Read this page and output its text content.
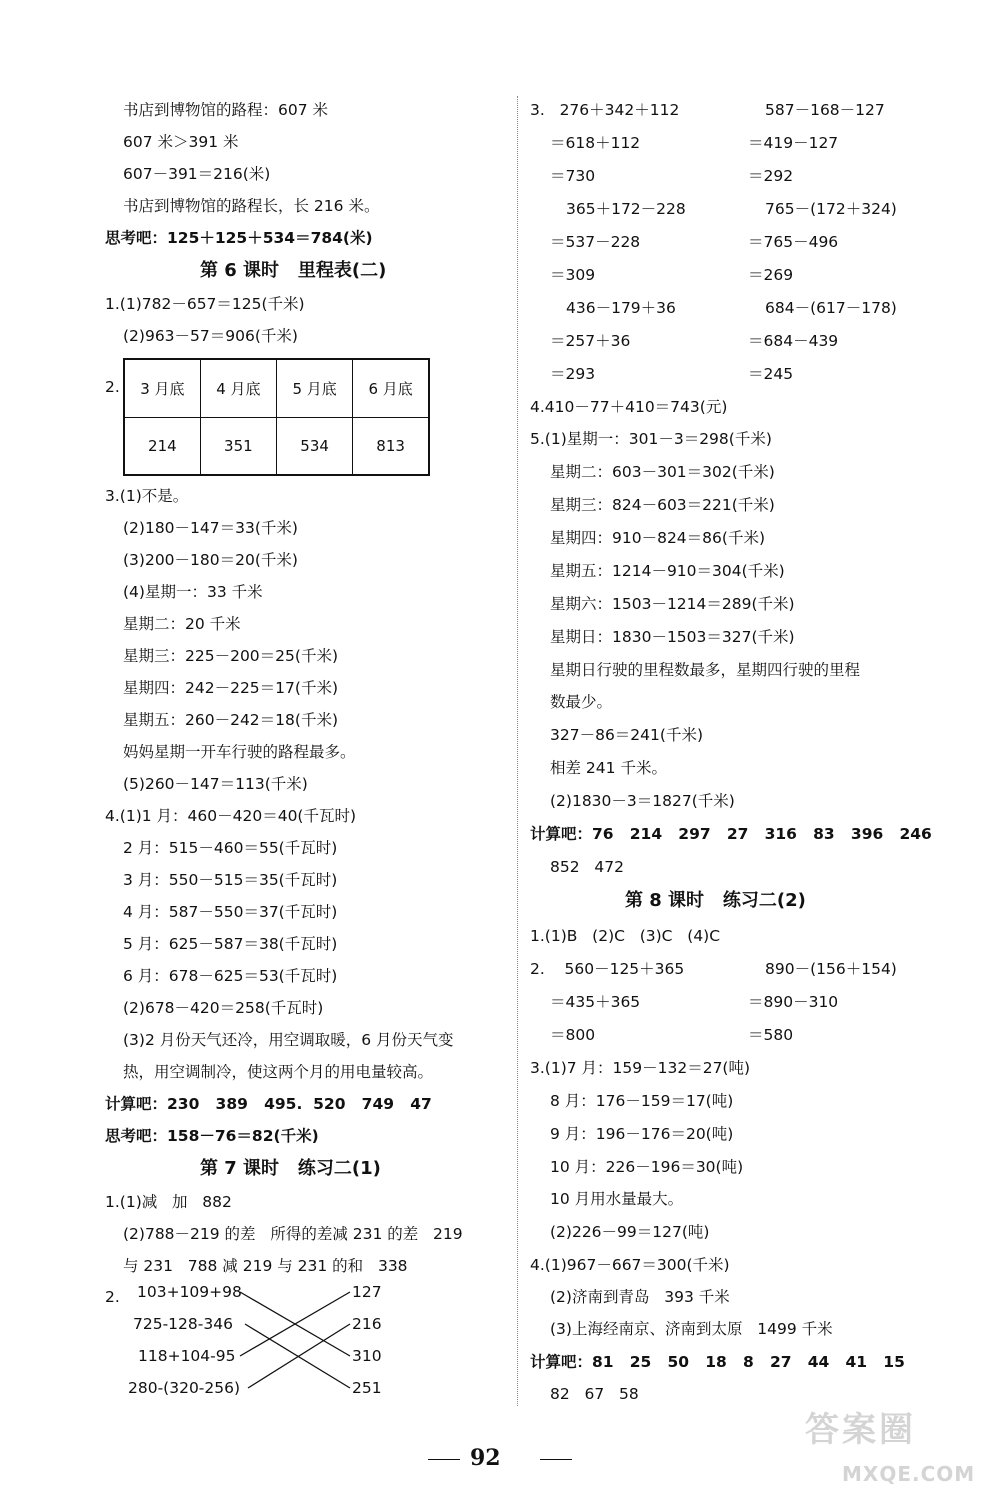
书店到博物馆的路程：607 米
607 米＞391 米
607－391＝216(米)
书店到博物馆的路程长，长 216 米。
思考吧：125＋125＋534＝784(米)
第 6 课时   里程表(二)
1.(1)782－657＝125(千米)
(2)963－57＝906(千米)
2. 3 月底	4 月底	5 月底	6 月底
214	351	534	813
3.(1)不是。
(2)180－147＝33(千米)
(3)200－180＝20(千米)
(4)星期一：33 千米
星期二：20 千米
星期三：225－200＝25(千米)
星期四：242－225＝17(千米)
星期五：260－242＝18(千米)
妈妈星期一开车行驶的路程最多。
(5)260－147＝113(千米)
4.(1)1 月：460－420＝40(千瓦时)
2 月：515－460＝55(千瓦时)
3 月：550－515＝35(千瓦时)
4 月：587－550＝37(千瓦时)
5 月：625－587＝38(千瓦时)
6 月：678－625＝53(千瓦时)
(2)678－420＝258(千瓦时)
(3)2 月份天气还冷，用空调取暖，6 月份天气变
热，用空调制冷，使这两个月的用电量较高。
计算吧：230   389   495.  520   749   47
思考吧：158－76＝82(千米)
第 7 课时   练习二(1)
1.(1)减   加   882
(2)788－219 的差   所得的差减 231 的差   219
与 231   788 减 219 与 231 的和   338
2. 103+109+98
725-128-346
118+104-95
280-(320-256)
127
216
310
251
3.   276＋342＋112	587－168－127
＝618＋112	＝419－127
＝730	＝292
365＋172－228	765－(172＋324)
＝537－228	＝765－496
＝309	＝269
436－179＋36	684－(617－178)
＝257＋36	＝684－439
＝293	＝245
4.410－77＋410＝743(元)
5.(1)星期一：301－3＝298(千米)
星期二：603－301＝302(千米)
星期三：824－603＝221(千米)
星期四：910－824＝86(千米)
星期五：1214－910＝304(千米)
星期六：1503－1214＝289(千米)
星期日：1830－1503＝327(千米)
星期日行驶的里程数最多，星期四行驶的里程
数最少。
327－86＝241(千米)
相差 241 千米。
(2)1830－3＝1827(千米)
计算吧：76   214   297   27   316   83   396   246
852   472
第 8 课时   练习二(2)
1.(1)B   (2)C   (3)C   (4)C
2.    560－125＋365	890－(156＋154)
＝435＋365	＝890－310
＝800	＝580
3.(1)7 月：159－132＝27(吨)
8 月：176－159＝17(吨)
9 月：196－176＝20(吨)
10 月：226－196＝30(吨)
10 月用水量最大。
(2)226－99＝127(吨)
4.(1)967－667＝300(千米)
(2)济南到青岛   393 千米
(3)上海经南京、济南到太原   1499 千米
计算吧：81   25   50   18   8   27   44   41   15
82   67   58
92
答案圈
MXQE.COM
